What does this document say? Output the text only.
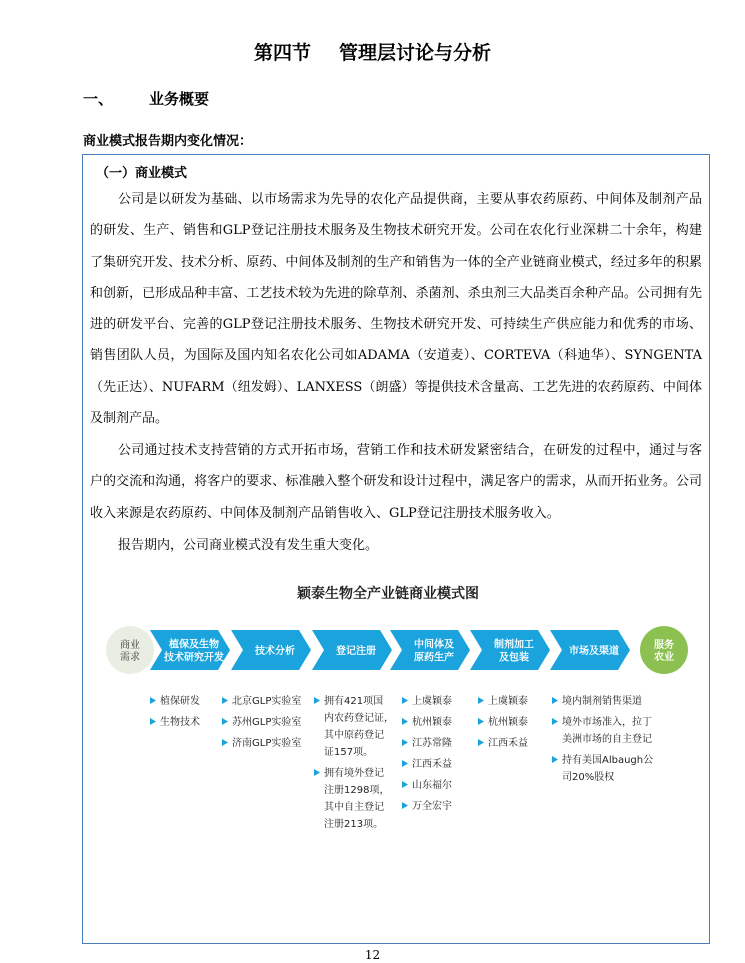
第四节 管理层讨论与分析
一、 业务概要
商业模式报告期内变化情况：
（一）商业模式
公司是以研发为基础、以市场需求为先导的农化产品提供商，主要从事农药原药、中间体及制剂产品的研发、生产、销售和GLP登记注册技术服务及生物技术研究开发。公司在农化行业深耕二十余年，构建了集研究开发、技术分析、原药、中间体及制剂的生产和销售为一体的全产业链商业模式，经过多年的积累和创新，已形成品种丰富、工艺技术较为先进的除草剂、杀菌剂、杀虫剂三大品类百余种产品。公司拥有先进的研发平台、完善的GLP登记注册技术服务、生物技术研究开发、可持续生产供应能力和优秀的市场、销售团队人员，为国际及国内知名农化公司如ADAMA（安道麦）、CORTEVA（科迪华）、SYNGENTA（先正达）、NUFARM（纽发姆）、LANXESS（朗盛）等提供技术含量高、工艺先进的农药原药、中间体及制剂产品。
公司通过技术支持营销的方式开拓市场，营销工作和技术研发紧密结合，在研发的过程中，通过与客户的交流和沟通，将客户的要求、标准融入整个研发和设计过程中，满足客户的需求，从而开拓业务。公司收入来源是农药原药、中间体及制剂产品销售收入、GLP登记注册技术服务收入。
报告期内，公司商业模式没有发生重大变化。
颖泰生物全产业链商业模式图
商业需求
植保及生物技术研究开发
技术分析	登记注册
中间体及原药生产
制剂加工及包装
市场及渠道
服务农业
植保研发
生物技术
北京GLP实验室
苏州GLP实验室
济南GLP实验室
拥有421项国
内农药登记证，
其中原药登记
证157项。
拥有境外登记
注册1298项，
其中自主登记
注册213项。
上虞颖泰
杭州颖泰
江苏常隆
江西禾益
山东福尔
万全宏宇
上虞颖泰
杭州颖泰
江西禾益
境内制剂销售渠道
境外市场准入，拉丁
美洲市场的自主登记
持有美国Albaugh公
司20%股权
12
